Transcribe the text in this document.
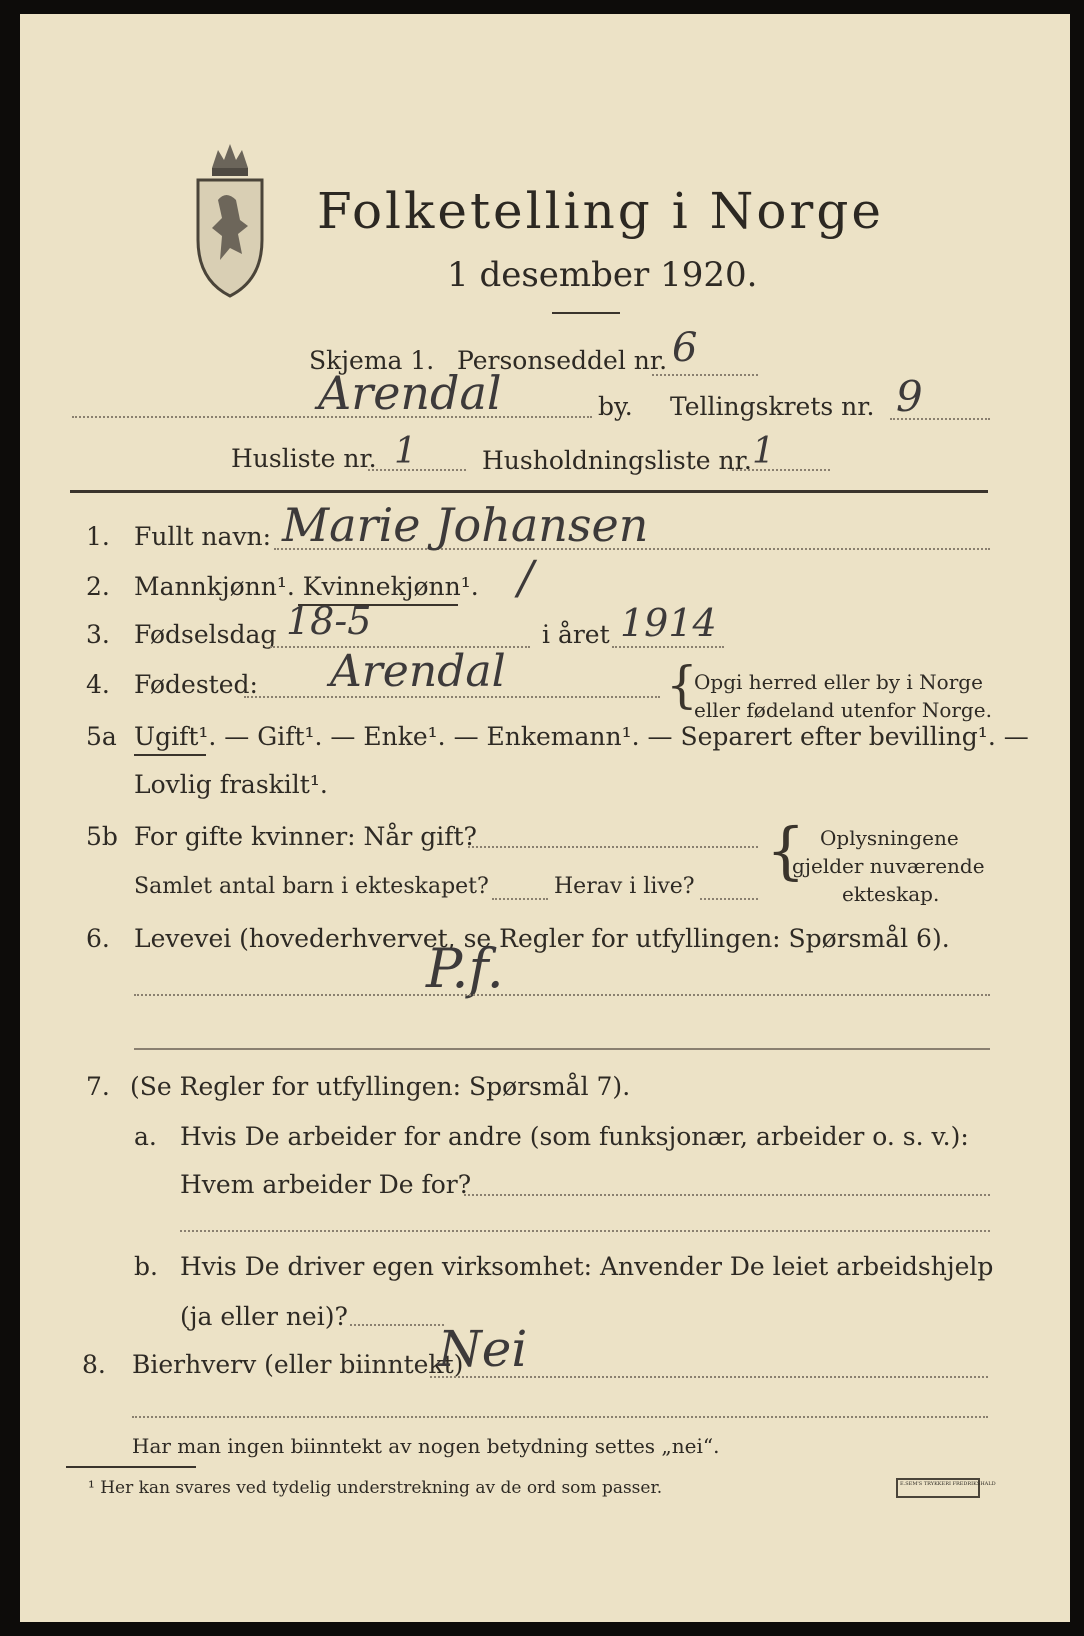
Folketelling i Norge
1 desember 1920.
Skjema 1. Personseddel nr. 6
Arendal	by. Tellingskrets nr. 9
Husliste nr. 1	Husholdningsliste nr. 1
1. Fullt navn: Marie Johansen
2. Mannkjønn¹. Kvinnekjønn¹. /
3. Fødselsdag 18-5	i året 1914
4. Fødested: Arendal	{
Opgi herred eller by i Norge
eller fødeland utenfor Norge.
5a Ugift¹. — Gift¹. — Enke¹. — Enkemann¹. — Separert efter bevilling¹. —
Lovlig fraskilt¹.
5b For gifte kvinner: Når gift?
Samlet antal barn i ekteskapet?	Herav i live? { Oplysningene
gjelder nuværende
ekteskap.
6. Levevei (hovederhvervet, se Regler for utfyllingen: Spørsmål 6).
P.f.
7. (Se Regler for utfyllingen: Spørsmål 7).
a. Hvis De arbeider for andre (som funksjonær, arbeider o. s. v.):
Hvem arbeider De for?
b. Hvis De driver egen virksomhet: Anvender De leiet arbeidshjelp
(ja eller nei)?
8. Bierhverv (eller biinntekt)
Nei
Har man ingen biinntekt av nogen betydning settes „nei“.
¹ Her kan svares ved tydelig understrekning av de ord som passer.	E.SEM'S TRYKKERI FREDRIKSHALD
